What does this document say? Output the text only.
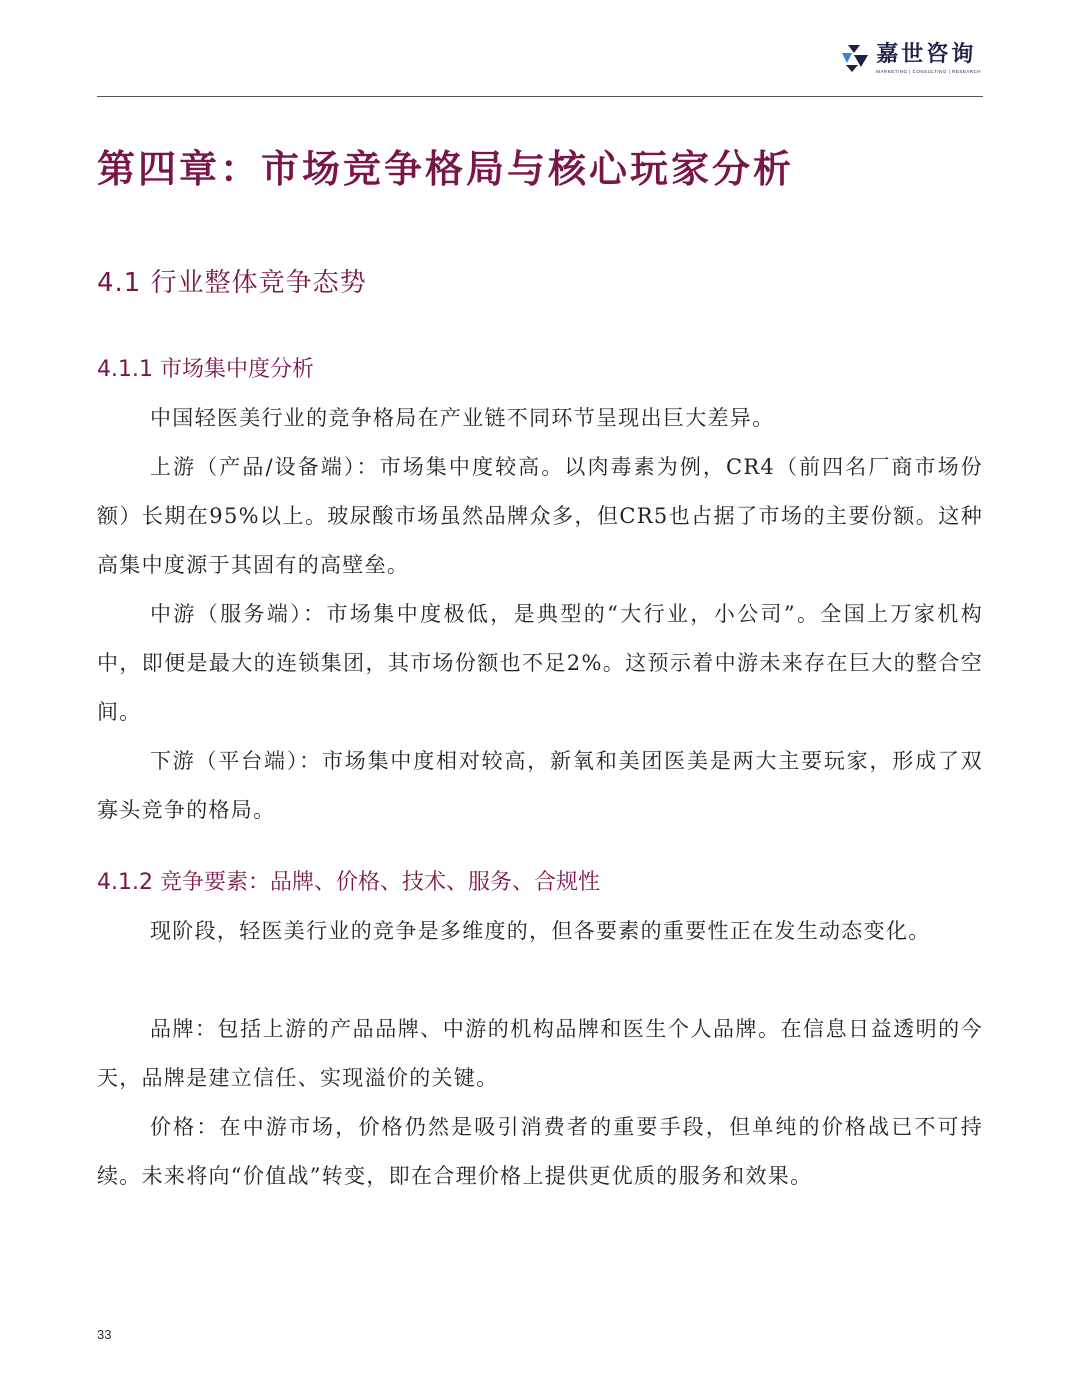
嘉世咨询
MARKETING | CONSULTING | RESEARCH
第四章：市场竞争格局与核心玩家分析
4.1 行业整体竞争态势
4.1.1 市场集中度分析

中国轻医美行业的竞争格局在产业链不同环节呈现出巨大差异。

上游（产品/设备端）：市场集中度较高。以肉毒素为例，CR4（前四名厂商市场份额）长期在95%以上。玻尿酸市场虽然品牌众多，但CR5也占据了市场的主要份额。这种高集中度源于其固有的高壁垒。

中游（服务端）：市场集中度极低，是典型的“大行业，小公司”。全国上万家机构中，即便是最大的连锁集团，其市场份额也不足2%。这预示着中游未来存在巨大的整合空间。

下游（平台端）：市场集中度相对较高，新氧和美团医美是两大主要玩家，形成了双寡头竞争的格局。

4.1.2 竞争要素：品牌、价格、技术、服务、合规性

现阶段，轻医美行业的竞争是多维度的，但各要素的重要性正在发生动态变化。

品牌：包括上游的产品品牌、中游的机构品牌和医生个人品牌。在信息日益透明的今天，品牌是建立信任、实现溢价的关键。

价格：在中游市场，价格仍然是吸引消费者的重要手段，但单纯的价格战已不可持续。未来将向“价值战”转变，即在合理价格上提供更优质的服务和效果。

33
